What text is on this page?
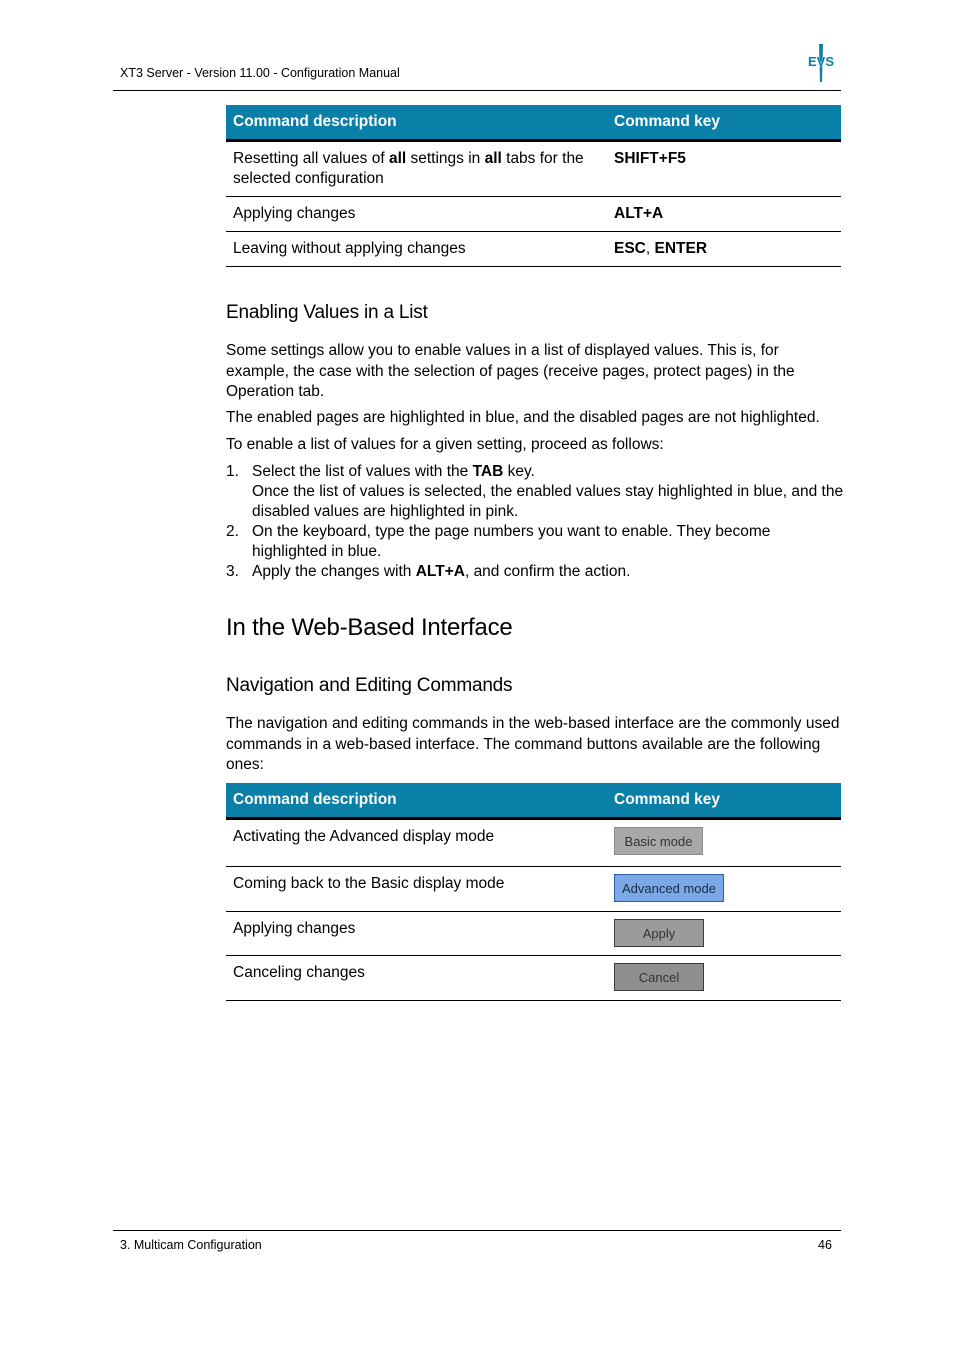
XT3 Server - Version 11.00 - Configuration Manual
EVS
Command description	Command key
Resetting all values of all settings in all tabs for the selected configuration	SHIFT+F5
Applying changes	ALT+A
Leaving without applying changes	ESC, ENTER
Enabling Values in a List

Some settings allow you to enable values in a list of displayed values. This is, for example, the case with the selection of pages (receive pages, protect pages) in the Operation tab.

The enabled pages are highlighted in blue, and the disabled pages are not highlighted.

To enable a list of values for a given setting, proceed as follows:

1. Select the list of values with the TAB key.
Once the list of values is selected, the enabled values stay highlighted in blue, and the disabled values are highlighted in pink.
2. On the keyboard, type the page numbers you want to enable. They become highlighted in blue.
3. Apply the changes with ALT+A, and confirm the action.
In the Web-Based Interface
Navigation and Editing Commands

The navigation and editing commands in the web-based interface are the commonly used commands in a web-based interface. The command buttons available are the following ones:

Command description	Command key
Activating the Advanced display mode	Basic mode
Coming back to the Basic display mode	Advanced mode
Applying changes	Apply
Canceling changes	Cancel
3. Multicam Configuration	46
